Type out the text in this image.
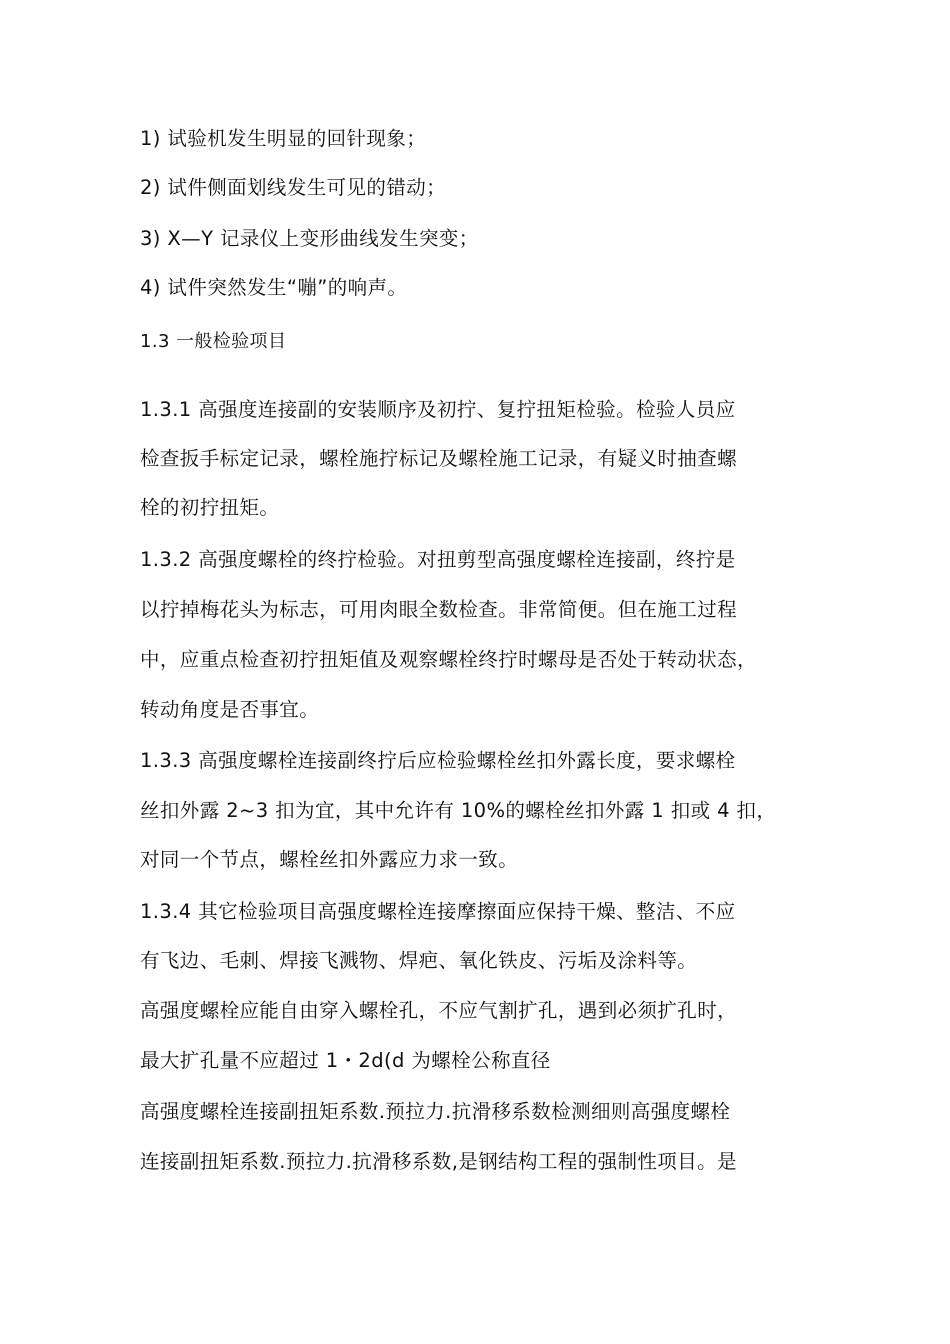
1) 试验机发生明显的回针现象；
2) 试件侧面划线发生可见的错动；
3) X—Y 记录仪上变形曲线发生突变；
4) 试件突然发生“嘣”的响声。
1.3 一般检验项目
1.3.1 高强度连接副的安装顺序及初拧、复拧扭矩检验。检验人员应
检查扳手标定记录，螺栓施拧标记及螺栓施工记录，有疑义时抽查螺
栓的初拧扭矩。
1.3.2 高强度螺栓的终拧检验。对扭剪型高强度螺栓连接副，终拧是
以拧掉梅花头为标志，可用肉眼全数检查。非常简便。但在施工过程
中，应重点检查初拧扭矩值及观察螺栓终拧时螺母是否处于转动状态，
转动角度是否事宜。
1.3.3 高强度螺栓连接副终拧后应检验螺栓丝扣外露长度，要求螺栓
丝扣外露 2~3 扣为宜，其中允许有 10%的螺栓丝扣外露 1 扣或 4 扣，
对同一个节点，螺栓丝扣外露应力求一致。
1.3.4 其它检验项目高强度螺栓连接摩擦面应保持干燥、整洁、不应
有飞边、毛刺、焊接飞溅物、焊疤、氧化铁皮、污垢及涂料等。
高强度螺栓应能自由穿入螺栓孔，不应气割扩孔，遇到必须扩孔时，
最大扩孔量不应超过 1・2d(d 为螺栓公称直径
高强度螺栓连接副扭矩系数.预拉力.抗滑移系数检测细则高强度螺栓
连接副扭矩系数.预拉力.抗滑移系数,是钢结构工程的强制性项目。是
